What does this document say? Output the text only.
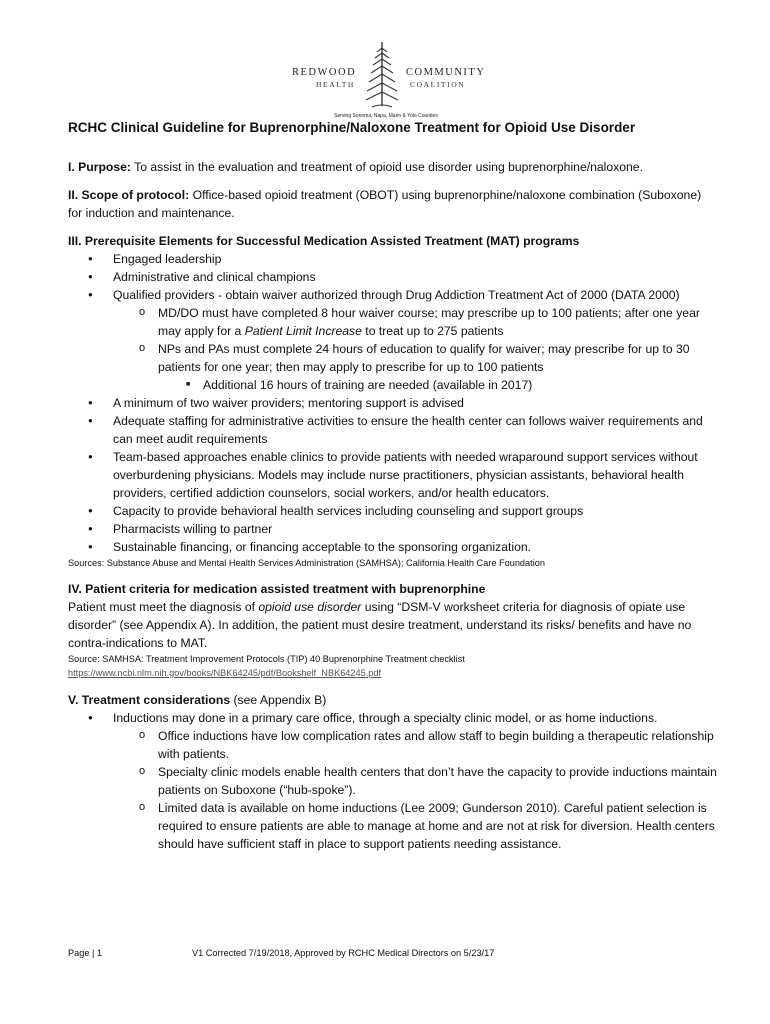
REDWOOD	COMMUNITY
HEALTH	COALITION
Serving Sonoma, Napa, Marin & Yolo Counties
RCHC Clinical Guideline for Buprenorphine/Naloxone Treatment for Opioid Use Disorder

I. Purpose: To assist in the evaluation and treatment of opioid use disorder using buprenorphine/naloxone.

II. Scope of protocol: Office-based opioid treatment (OBOT) using buprenorphine/naloxone combination (Suboxone) for induction and maintenance.

III. Prerequisite Elements for Successful Medication Assisted Treatment (MAT) programs

● Engaged leadership
● Administrative and clinical champions
● Qualified providers - obtain waiver authorized through Drug Addiction Treatment Act of 2000 (DATA 2000)
o MD/DO must have completed 8 hour waiver course; may prescribe up to 100 patients; after one year may apply for a Patient Limit Increase to treat up to 275 patients
o NPs and PAs must complete 24 hours of education to qualify for waiver; may prescribe for up to 30 patients for one year; then may apply to prescribe for up to 100 patients
■ Additional 16 hours of training are needed (available in 2017)
● A minimum of two waiver providers; mentoring support is advised
● Adequate staffing for administrative activities to ensure the health center can follows waiver requirements and can meet audit requirements
● Team-based approaches enable clinics to provide patients with needed wraparound support services without overburdening physicians. Models may include nurse practitioners, physician assistants, behavioral health providers, certified addiction counselors, social workers, and/or health educators.
● Capacity to provide behavioral health services including counseling and support groups
● Pharmacists willing to partner
● Sustainable financing, or financing acceptable to the sponsoring organization.

Sources: Substance Abuse and Mental Health Services Administration (SAMHSA); California Health Care Foundation

IV. Patient criteria for medication assisted treatment with buprenorphine

Patient must meet the diagnosis of opioid use disorder using “DSM-V worksheet criteria for diagnosis of opiate use disorder” (see Appendix A). In addition, the patient must desire treatment, understand its risks/ benefits and have no contra-indications to MAT.

Source: SAMHSA: Treatment Improvement Protocols (TIP) 40 Buprenorphine Treatment checklist

https://www.ncbi.nlm.nih.gov/books/NBK64245/pdf/Bookshelf_NBK64245.pdf

V. Treatment considerations (see Appendix B)

● Inductions may done in a primary care office, through a specialty clinic model, or as home inductions.
o Office inductions have low complication rates and allow staff to begin building a therapeutic relationship with patients.
o Specialty clinic models enable health centers that don’t have the capacity to provide inductions maintain patients on Suboxone (“hub-spoke”).
o Limited data is available on home inductions (Lee 2009; Gunderson 2010). Careful patient selection is required to ensure patients are able to manage at home and are not at risk for diversion. Health centers should have sufficient staff in place to support patients needing assistance.
Page | 1	V1 Corrected 7/19/2018, Approved by RCHC Medical Directors on 5/23/17
